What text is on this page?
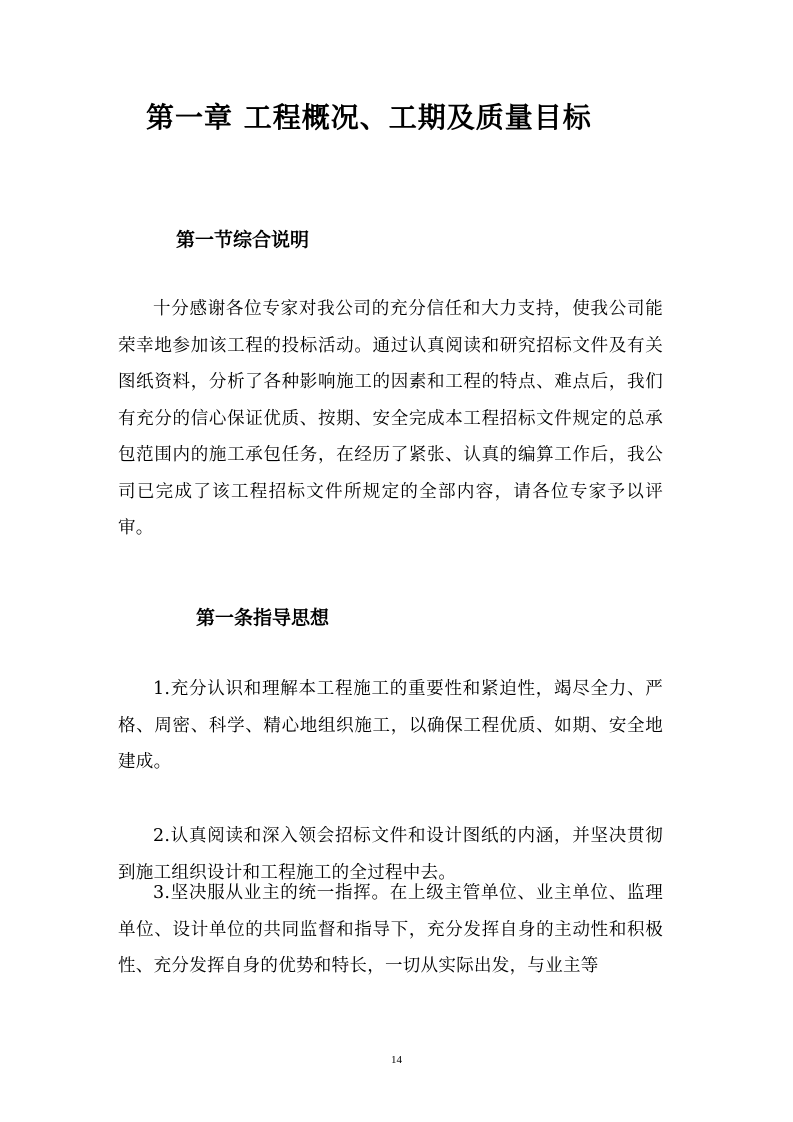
第一章 工程概况、工期及质量目标
第一节综合说明

十分感谢各位专家对我公司的充分信任和大力支持，使我公司能荣幸地参加该工程的投标活动。通过认真阅读和研究招标文件及有关图纸资料，分析了各种影响施工的因素和工程的特点、难点后，我们有充分的信心保证优质、按期、安全完成本工程招标文件规定的总承包范围内的施工承包任务，在经历了紧张、认真的编算工作后，我公司已完成了该工程招标文件所规定的全部内容，请各位专家予以评审。

第一条指导思想

1.充分认识和理解本工程施工的重要性和紧迫性，竭尽全力、严格、周密、科学、精心地组织施工，以确保工程优质、如期、安全地建成。

2.认真阅读和深入领会招标文件和设计图纸的内涵，并坚决贯彻到施工组织设计和工程施工的全过程中去。

3.坚决服从业主的统一指挥。在上级主管单位、业主单位、监理单位、设计单位的共同监督和指导下，充分发挥自身的主动性和积极性、充分发挥自身的优势和特长，一切从实际出发，与业主等

14
